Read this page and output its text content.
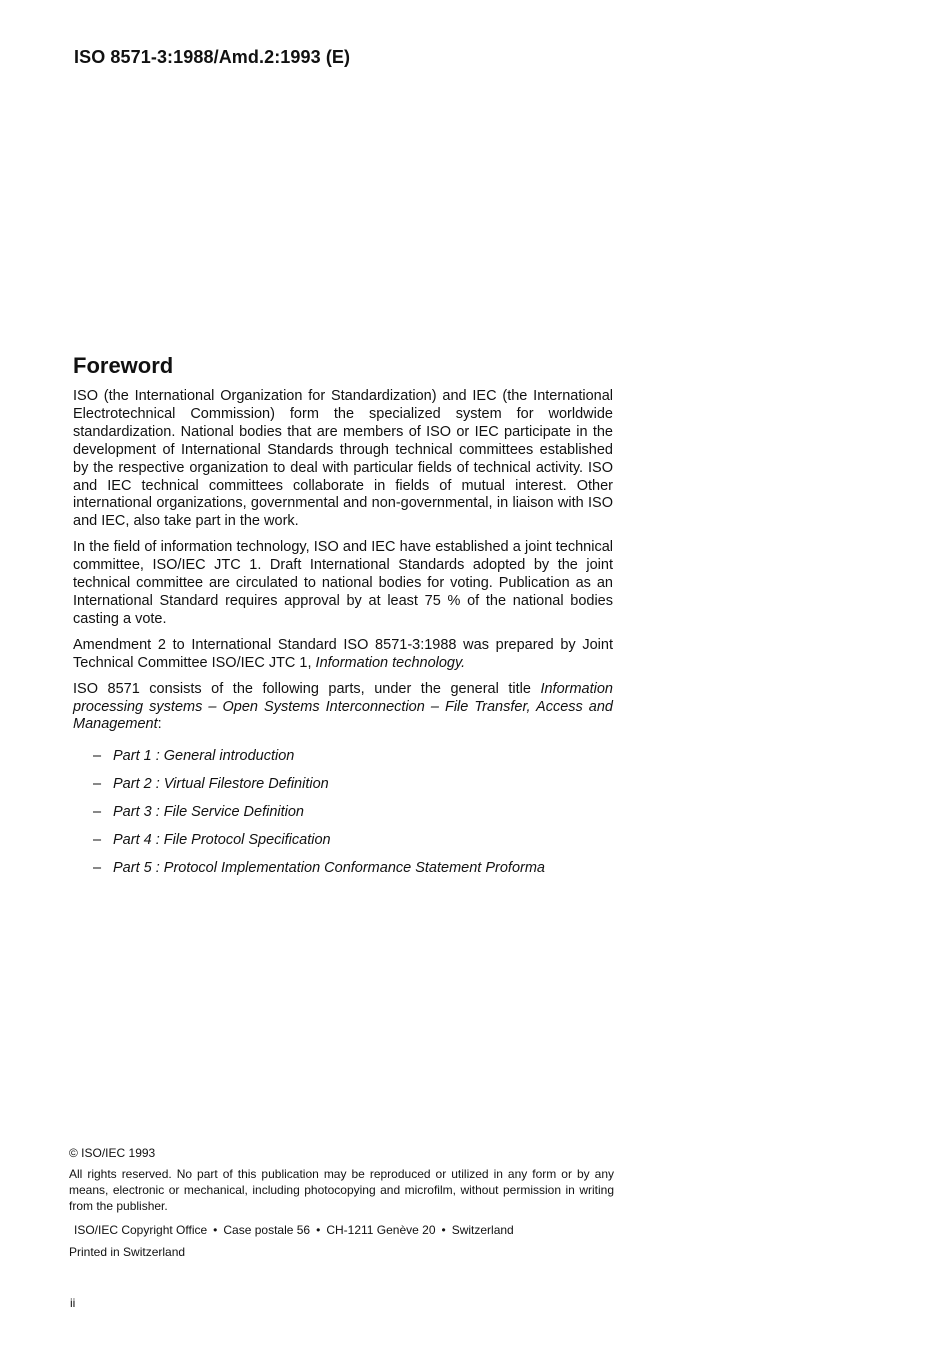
ISO 8571-3:1988/Amd.2:1993 (E)
Foreword

ISO (the International Organization for Standardization) and IEC (the International Electrotechnical Commission) form the specialized system for worldwide standardization. National bodies that are members of ISO or IEC participate in the development of International Standards through technical committees established by the respective organization to deal with particular fields of technical activity. ISO and IEC technical committees collaborate in fields of mutual interest. Other international organizations, governmental and non-governmental, in liaison with ISO and IEC, also take part in the work.

In the field of information technology, ISO and IEC have established a joint technical committee, ISO/IEC JTC 1. Draft International Standards adopted by the joint technical committee are circulated to national bodies for voting. Publication as an International Standard requires approval by at least 75 % of the national bodies casting a vote.

Amendment 2 to International Standard ISO 8571-3:1988 was prepared by Joint Technical Committee ISO/IEC JTC 1, Information technology.

ISO 8571 consists of the following parts, under the general title Information processing systems – Open Systems Interconnection – File Transfer, Access and Management:

– Part 1 : General introduction
– Part 2 : Virtual Filestore Definition
– Part 3 : File Service Definition
– Part 4 : File Protocol Specification
– Part 5 : Protocol Implementation Conformance Statement Proforma

© ISO/IEC 1993

All rights reserved. No part of this publication may be reproduced or utilized in any form or by any means, electronic or mechanical, including photocopying and microfilm, without permission in writing from the publisher.

ISO/IEC Copyright Office • Case postale 56 • CH-1211 Genève 20 • Switzerland

Printed in Switzerland

ii
